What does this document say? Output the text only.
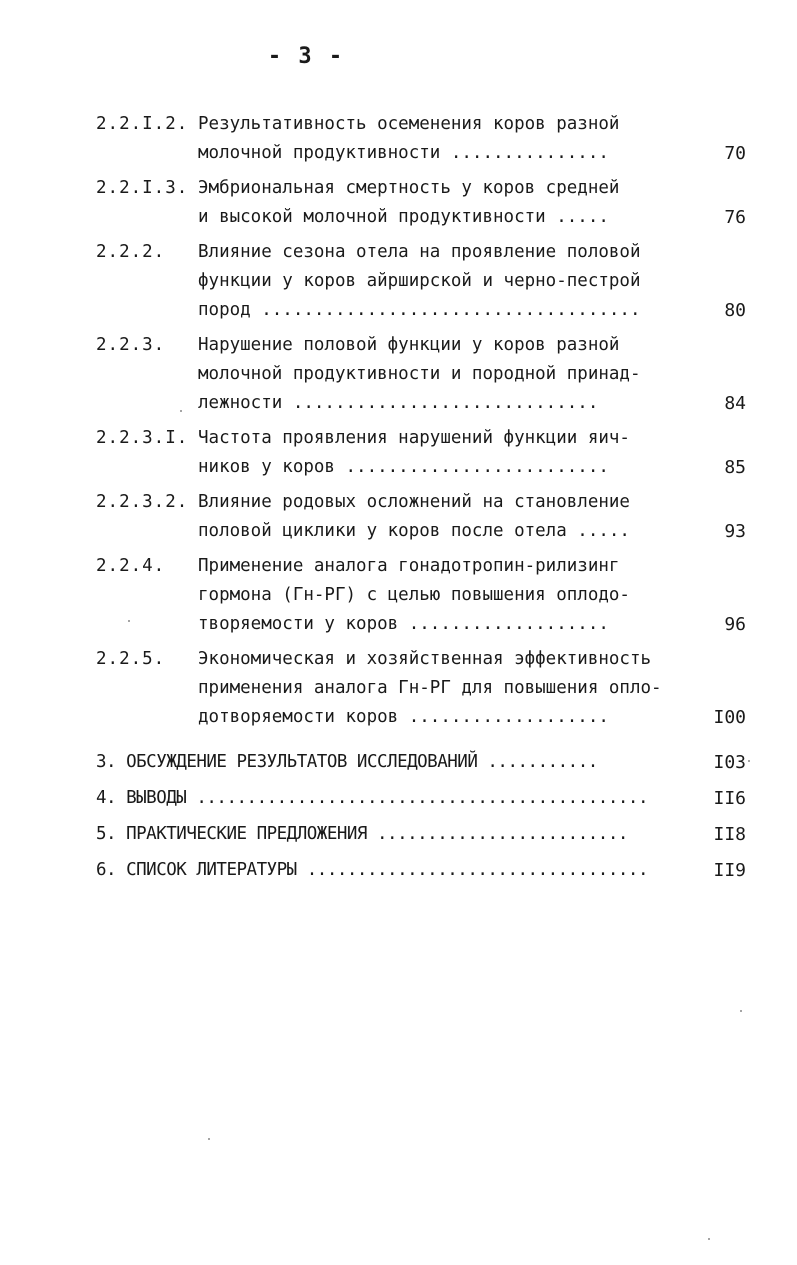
- 3 -
2.2.I.2. Результативность осеменения коров разной
молочной продуктивности ...............	70
2.2.I.3. Эмбриональная смертность у коров средней
и высокой молочной продуктивности .....	76
2.2.2. Влияние сезона отела на проявление половой
функции у коров айрширской и черно-пестрой
пород ....................................	80
2.2.3. Нарушение половой функции у коров разной
молочной продуктивности и породной принад-
лежности .............................	84
2.2.3.I. Частота проявления нарушений функции яич-
ников у коров .........................	85
2.2.3.2. Влияние родовых осложнений на становление
половой циклики у коров после отела .....	93
2.2.4. Применение аналога гонадотропин-рилизинг
гормона (Гн-РГ) с целью повышения оплодо-
творяемости у коров ...................	96
2.2.5. Экономическая и хозяйственная эффективность
применения аналога Гн-РГ для повышения опло-
дотворяемости коров ...................	I00
3. ОБСУЖДЕНИЕ РЕЗУЛЬТАТОВ ИССЛЕДОВАНИЙ ...........	I03
4. ВЫВОДЫ .............................................	II6
5. ПРАКТИЧЕСКИЕ ПРЕДЛОЖЕНИЯ .........................	II8
6. СПИСОК ЛИТЕРАТУРЫ ..................................	II9
